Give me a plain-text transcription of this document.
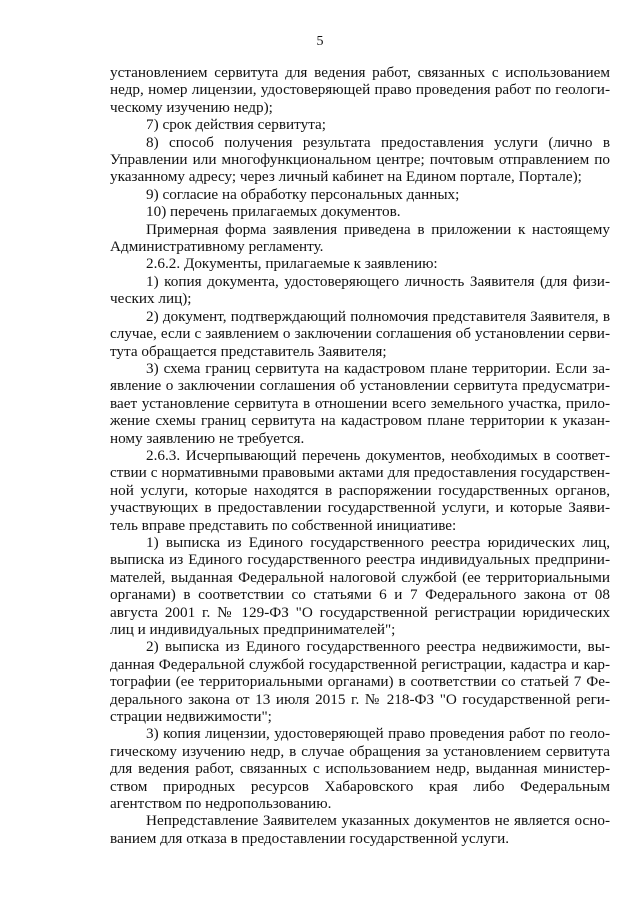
5

установлением сервитута для ведения работ, связанных с использованием недр, номер лицензии, удостоверяющей право проведения работ по геологическому изучению недр);

7) срок действия сервитута;

8) способ получения результата предоставления услуги (лично в Управлении или многофункциональном центре; почтовым отправлением по указанному адресу; через личный кабинет на Едином портале, Портале);

9) согласие на обработку персональных данных;

10) перечень прилагаемых документов.

Примерная форма заявления приведена в приложении к настоящему Административному регламенту.

2.6.2. Документы, прилагаемые к заявлению:

1) копия документа, удостоверяющего личность Заявителя (для физических лиц);

2) документ, подтверждающий полномочия представителя Заявителя, в случае, если с заявлением о заключении соглашения об установлении сервитута обращается представитель Заявителя;

3) схема границ сервитута на кадастровом плане территории. Если заявление о заключении соглашения об установлении сервитута предусматривает установление сервитута в отношении всего земельного участка, приложение схемы границ сервитута на кадастровом плане территории к указанному заявлению не требуется.

2.6.3. Исчерпывающий перечень документов, необходимых в соответствии с нормативными правовыми актами для предоставления государственной услуги, которые находятся в распоряжении государственных органов, участвующих в предоставлении государственной услуги, и которые Заявитель вправе представить по собственной инициативе:

1) выписка из Единого государственного реестра юридических лиц, выписка из Единого государственного реестра индивидуальных предпринимателей, выданная Федеральной налоговой службой (ее территориальными органами) в соответствии со статьями 6 и 7 Федерального закона от 08 августа 2001 г. № 129-ФЗ "О государственной регистрации юридических лиц и индивидуальных предпринимателей";

2) выписка из Единого государственного реестра недвижимости, выданная Федеральной службой государственной регистрации, кадастра и картографии (ее территориальными органами) в соответствии со статьей 7 Федерального закона от 13 июля 2015 г. № 218-ФЗ "О государственной регистрации недвижимости";

3) копия лицензии, удостоверяющей право проведения работ по геологическому изучению недр, в случае обращения за установлением сервитута для ведения работ, связанных с использованием недр, выданная министерством природных ресурсов Хабаровского края либо Федеральным агентством по недропользованию.

Непредставление Заявителем указанных документов не является основанием для отказа в предоставлении государственной услуги.
